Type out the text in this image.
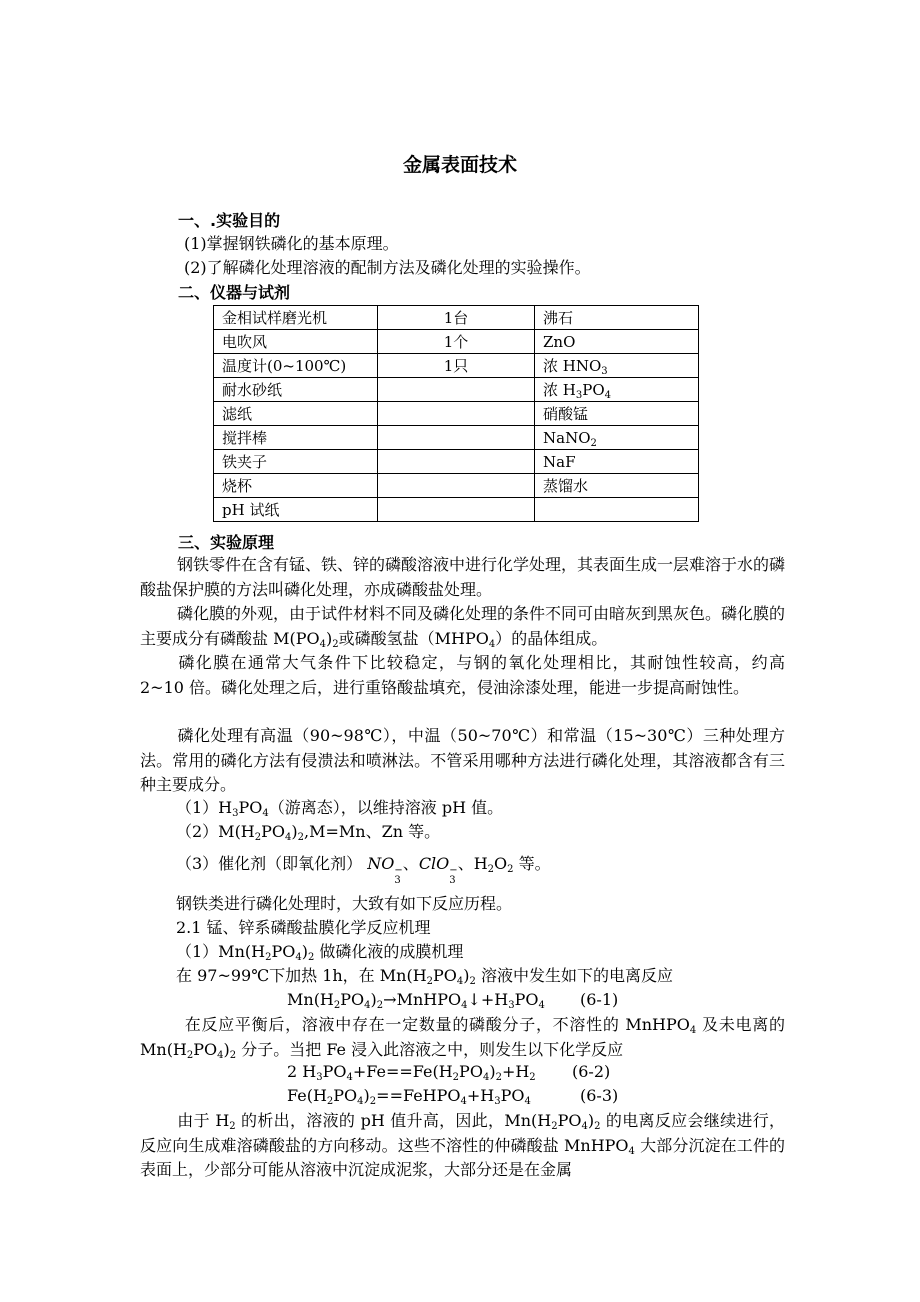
金属表面技术
一、.实验目的
(1)掌握钢铁磷化的基本原理。
(2)了解磷化处理溶液的配制方法及磷化处理的实验操作。
二、仪器与试剂
金相试样磨光机	1台	沸石
电吹风	1个	ZnO
温度计(0~100℃)	1只	浓 $HNO_3$
耐水砂纸		浓 $H_3PO_4$
滤纸		硝酸锰
搅拌棒		NaNO$_2$
铁夹子		NaF
烧杯		蒸馏水
pH 试纸		
三、实验原理

钢铁零件在含有锰、铁、锌的磷酸溶液中进行化学处理，其表面生成一层难溶于水的磷酸盐保护膜的方法叫磷化处理，亦成磷酸盐处理。

磷化膜的外观，由于试件材料不同及磷化处理的条件不同可由暗灰到黑灰色。磷化膜的主要成分有磷酸盐 $M(PO_4)_2$或磷酸氢盐$(MHPO_4)$的晶体组成。

磷化膜在通常大气条件下比较稳定，与钢的氧化处理相比，其耐蚀性较高，约高 2~10 倍。磷化处理之后，进行重铬酸盐填充，侵油涂漆处理，能进一步提高耐蚀性。

磷化处理有高温（90~98℃），中温（50~70℃）和常温（15~30℃）三种处理方法。常用的磷化方法有侵溃法和喷淋法。不管采用哪种方法进行磷化处理，其溶液都含有三种主要成分。

$(1)H_3PO_4$（游离态），以维持溶液 pH 值。
$(2)M(H_2PO_4)_2,M=Mn$、Zn 等。
（3）催化剂（即氧化剂） NO −
3
、ClO −
3
、$H_2O_2$ 等。
钢铁类进行磷化处理时，大致有如下反应历程。
2.1 锰、锌系磷酸盐膜化学反应机理
$(1)Mn(H_2PO_4)_2$ 做磷化液的成膜机理
在 97~99℃下加热 1h，在 $Mn(H_2PO_4)_2$ 溶液中发生如下的电离反应
$Mn(H_2PO_4)_2\to MnHPO_4↓+H_3PO_4$ (6-1)

在反应平衡后，溶液中存在一定数量的磷酸分子，不溶性的 MnHPO$_4$ 及未电离的 $Mn(H_2PO_4)_2$ 分子。当把 Fe 浸入此溶液之中，则发生以下化学反应

2 $H_3PO_4+Fe==Fe(H_2PO_4)_2+H_2$ (6-2)
$Fe(H_2PO_4)_2==FeHPO_4+H_3PO_4$	(6-3)

由于 $H_2$ 的析出，溶液的 pH 值升高，因此，$Mn(H_2PO_4)_2$ 的电离反应会继续进行，反应向生成难溶磷酸盐的方向移动。这些不溶性的仲磷酸盐 MnHPO$_4$ 大部分沉淀在工件的表面上，少部分可能从溶液中沉淀成泥浆，大部分还是在金属
